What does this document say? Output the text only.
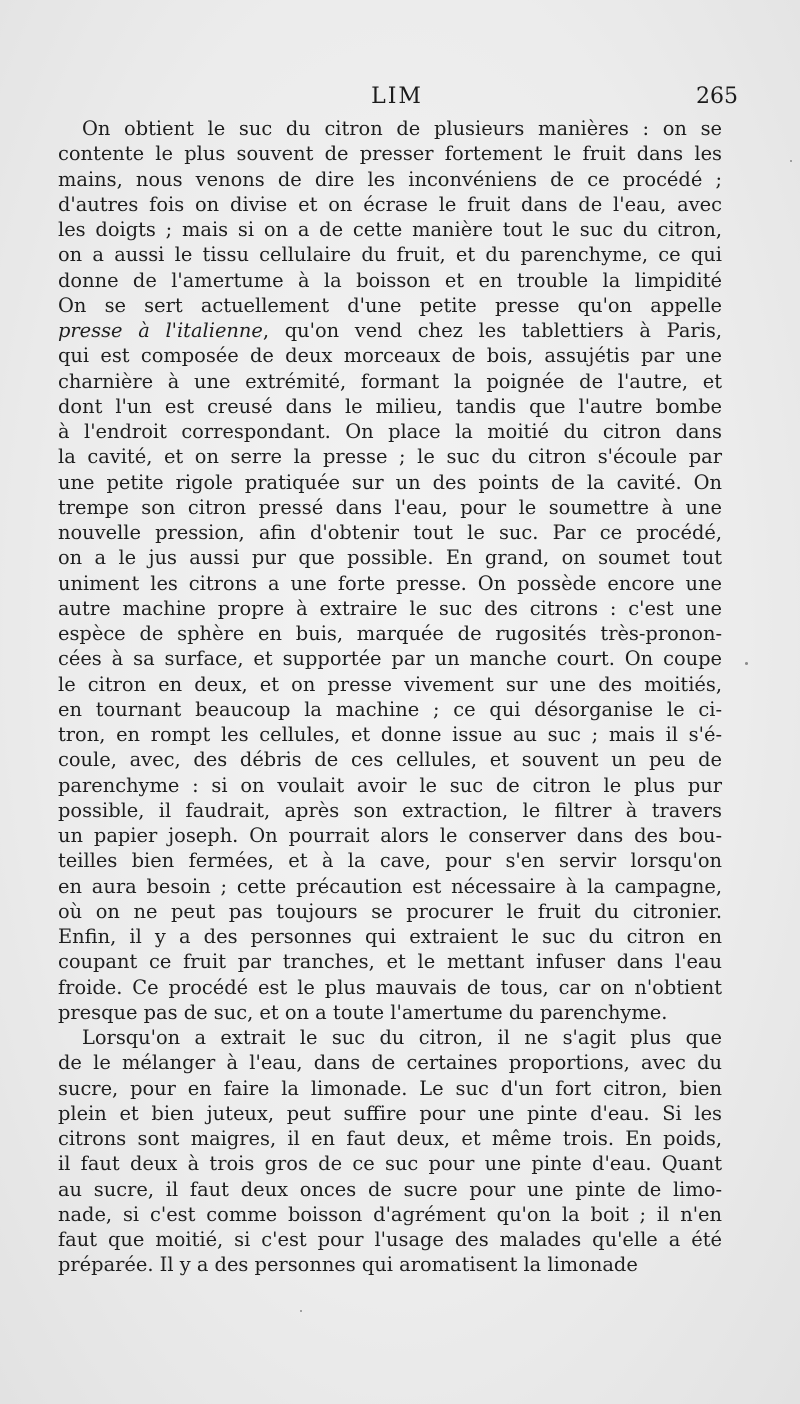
LIM	265
On obtient le suc du citron de plusieurs manières : on se
contente le plus souvent de presser fortement le fruit dans les
mains, nous venons de dire les inconvéniens de ce procédé ;
d'autres fois on divise et on écrase le fruit dans de l'eau, avec
les doigts ; mais si on a de cette manière tout le suc du citron,
on a aussi le tissu cellulaire du fruit, et du parenchyme, ce qui
donne de l'amertume à la boisson et en trouble la limpidité
On se sert actuellement d'une petite presse qu'on appelle
presse à l'italienne, qu'on vend chez les tablettiers à Paris,
qui est composée de deux morceaux de bois, assujétis par une
charnière à une extrémité, formant la poignée de l'autre, et
dont l'un est creusé dans le milieu, tandis que l'autre bombe
à l'endroit correspondant. On place la moitié du citron dans
la cavité, et on serre la presse ; le suc du citron s'écoule par
une petite rigole pratiquée sur un des points de la cavité. On
trempe son citron pressé dans l'eau, pour le soumettre à une
nouvelle pression, afin d'obtenir tout le suc. Par ce procédé,
on a le jus aussi pur que possible. En grand, on soumet tout
uniment les citrons a une forte presse. On possède encore une
autre machine propre à extraire le suc des citrons : c'est une
espèce de sphère en buis, marquée de rugosités très-pronon-
cées à sa surface, et supportée par un manche court. On coupe
le citron en deux, et on presse vivement sur une des moitiés,
en tournant beaucoup la machine ; ce qui désorganise le ci-
tron, en rompt les cellules, et donne issue au suc ; mais il s'é-
coule, avec, des débris de ces cellules, et souvent un peu de
parenchyme : si on voulait avoir le suc de citron le plus pur
possible, il faudrait, après son extraction, le filtrer à travers
un papier joseph. On pourrait alors le conserver dans des bou-
teilles bien fermées, et à la cave, pour s'en servir lorsqu'on
en aura besoin ; cette précaution est nécessaire à la campagne,
où on ne peut pas toujours se procurer le fruit du citronier.
Enfin, il y a des personnes qui extraient le suc du citron en
coupant ce fruit par tranches, et le mettant infuser dans l'eau
froide. Ce procédé est le plus mauvais de tous, car on n'obtient
presque pas de suc, et on a toute l'amertume du parenchyme.
Lorsqu'on a extrait le suc du citron, il ne s'agit plus que
de le mélanger à l'eau, dans de certaines proportions, avec du
sucre, pour en faire la limonade. Le suc d'un fort citron, bien
plein et bien juteux, peut suffire pour une pinte d'eau. Si les
citrons sont maigres, il en faut deux, et même trois. En poids,
il faut deux à trois gros de ce suc pour une pinte d'eau. Quant
au sucre, il faut deux onces de sucre pour une pinte de limo-
nade, si c'est comme boisson d'agrément qu'on la boit ; il n'en
faut que moitié, si c'est pour l'usage des malades qu'elle a été
préparée. Il y a des personnes qui aromatisent la limonade
